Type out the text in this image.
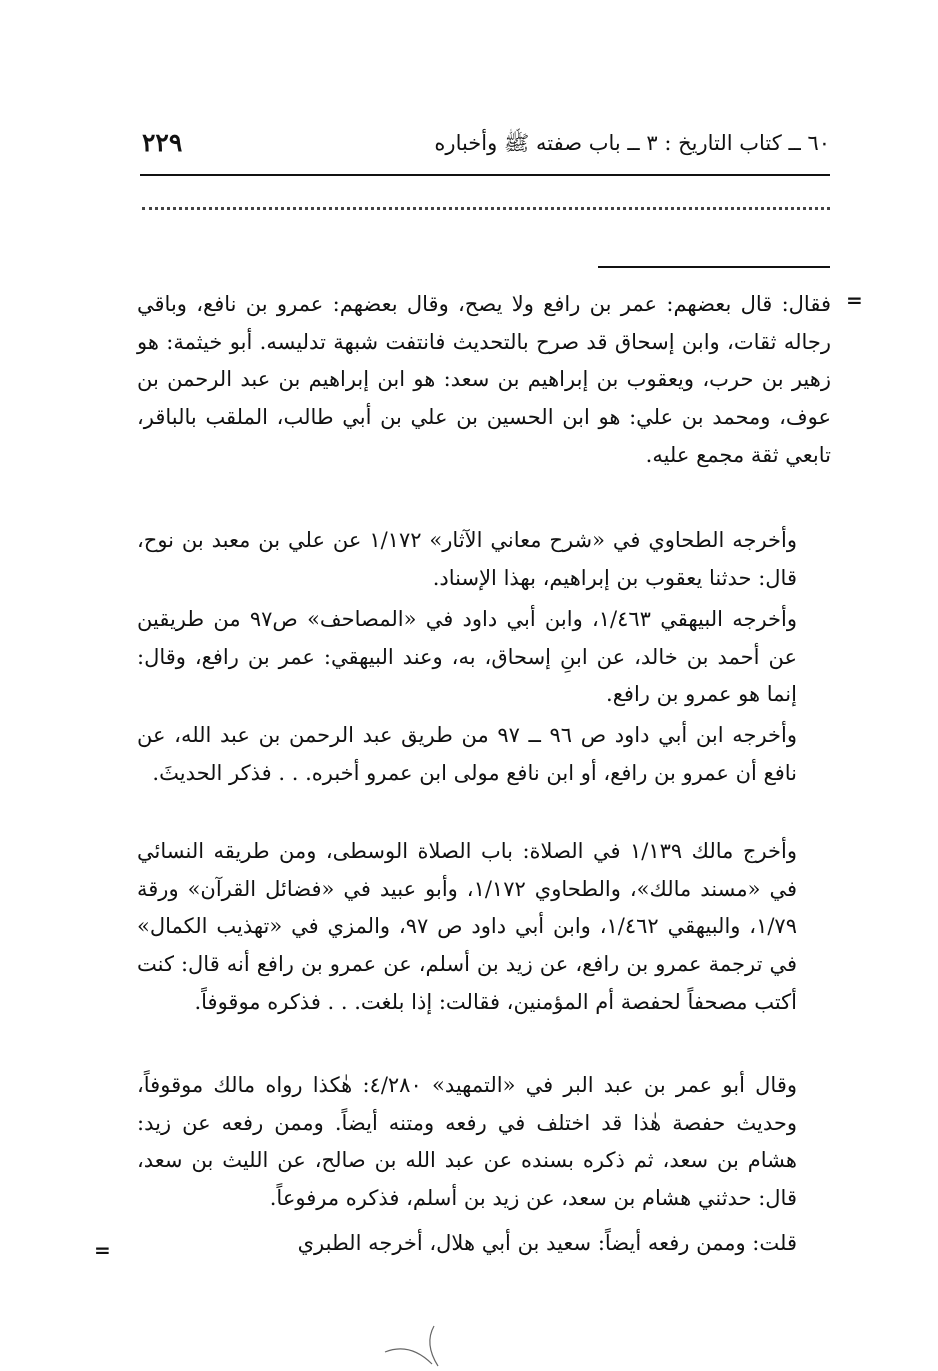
٦٠ ــ كتاب التاريخ : ٣ ــ باب صفته ﷺ وأخباره
٢٢٩
=

فقال: قال بعضهم: عمر بن رافع ولا يصح، وقال بعضهم: عمرو بن نافع، وباقي رجاله ثقات، وابن إسحاق قد صرح بالتحديث فانتفت شبهة تدليسه. أبو خيثمة: هو زهير بن حرب، ويعقوب بن إبراهيم بن سعد: هو ابن إبراهيم بن عبد الرحمن بن عوف، ومحمد بن علي: هو ابن الحسين بن علي بن أبي طالب، الملقب بالباقر، تابعي ثقة مجمع عليه.

وأخرجه الطحاوي في «شرح معاني الآثار» ١/١٧٢ عن علي بن معبد بن نوح، قال: حدثنا يعقوب بن إبراهيم، بهذا الإسناد.

وأخرجه البيهقي ١/٤٦٣، وابن أبي داود في «المصاحف» ص٩٧ من طريقين عن أحمد بن خالد، عن ابنِ إسحاق، به، وعند البيهقي: عمر بن رافع، وقال: إنما هو عمرو بن رافع.

وأخرجه ابن أبي داود ص ٩٦ ــ ٩٧ من طريق عبد الرحمن بن عبد الله، عن نافع أن عمرو بن رافع، أو ابن نافع مولى ابن عمرو أخبره. . . فذكر الحديثَ.

وأخرج مالك ١/١٣٩ في الصلاة: باب الصلاة الوسطى، ومن طريقه النسائي في «مسند مالك»، والطحاوي ١/١٧٢، وأبو عبيد في «فضائل القرآن» ورقة ١/٧٩، والبيهقي ١/٤٦٢، وابن أبي داود ص ٩٧، والمزي في «تهذيب الكمال» في ترجمة عمرو بن رافع، عن زيد بن أسلم، عن عمرو بن رافع أنه قال: كنت أكتب مصحفاً لحفصة أم المؤمنين، فقالت: إذا بلغت. . . فذكره موقوفاً.

وقال أبو عمر بن عبد البر في «التمهيد» ٤/٢٨٠: هٰكذا رواه مالك موقوفاً، وحديث حفصة هٰذا قد اختلف في رفعه ومتنه أيضاً. وممن رفعه عن زيد: هشام بن سعد، ثم ذكره بسنده عن عبد الله بن صالح، عن الليث بن سعد، قال: حدثني هشام بن سعد، عن زيد بن أسلم، فذكره مرفوعاً.

قلت: وممن رفعه أيضاً: سعيد بن أبي هلال، أخرجه الطبري

=
